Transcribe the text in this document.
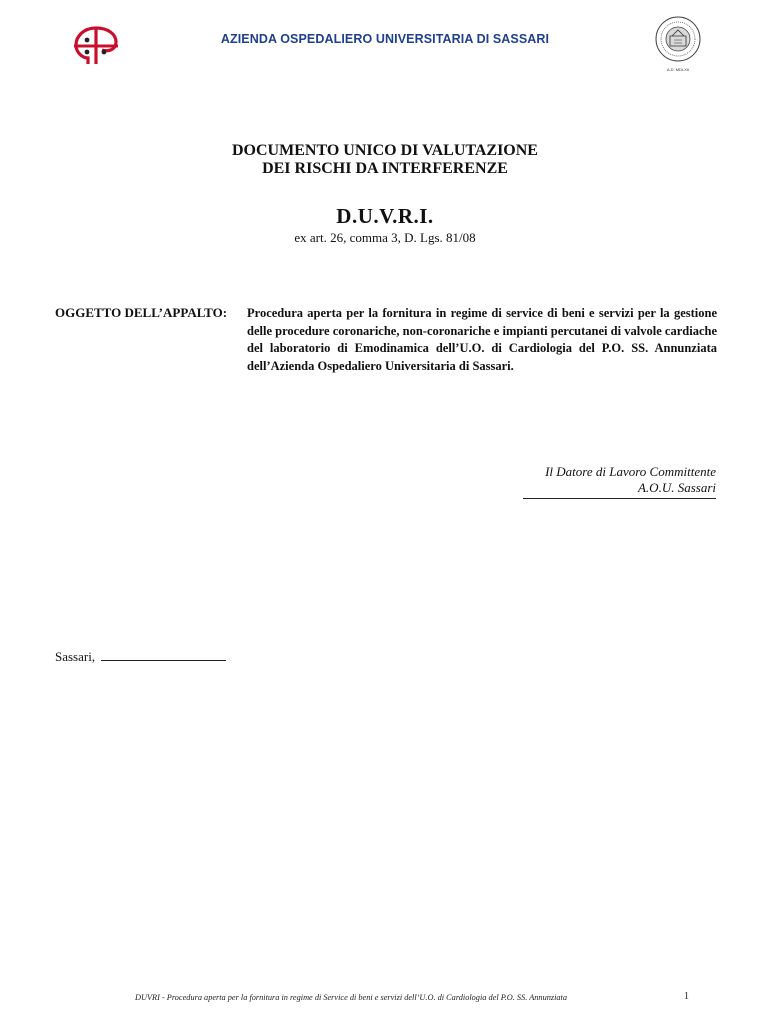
AZIENDA OSPEDALIERO UNIVERSITARIA DI SASSARI
A.D. MDLXII
DOCUMENTO UNICO DI VALUTAZIONE
DEI RISCHI DA INTERFERENZE
D.U.V.R.I.
ex art. 26, comma 3, D. Lgs. 81/08
OGGETTO DELL’APPALTO: Procedura aperta per la fornitura in regime di service di beni e servizi per la gestione delle procedure coronariche, non-coronariche e impianti percutanei di valvole cardiache del laboratorio di Emodinamica dell’U.O. di Cardiologia del P.O. SS. Annunziata dell’Azienda Ospedaliero Universitaria di Sassari.
Il Datore di Lavoro Committente
A.O.U. Sassari
Sassari,
DUVRI - Procedura aperta per la fornitura in regime di Service di beni e servizi dell’U.O. di Cardiologia del P.O. SS. Annunziata	1
